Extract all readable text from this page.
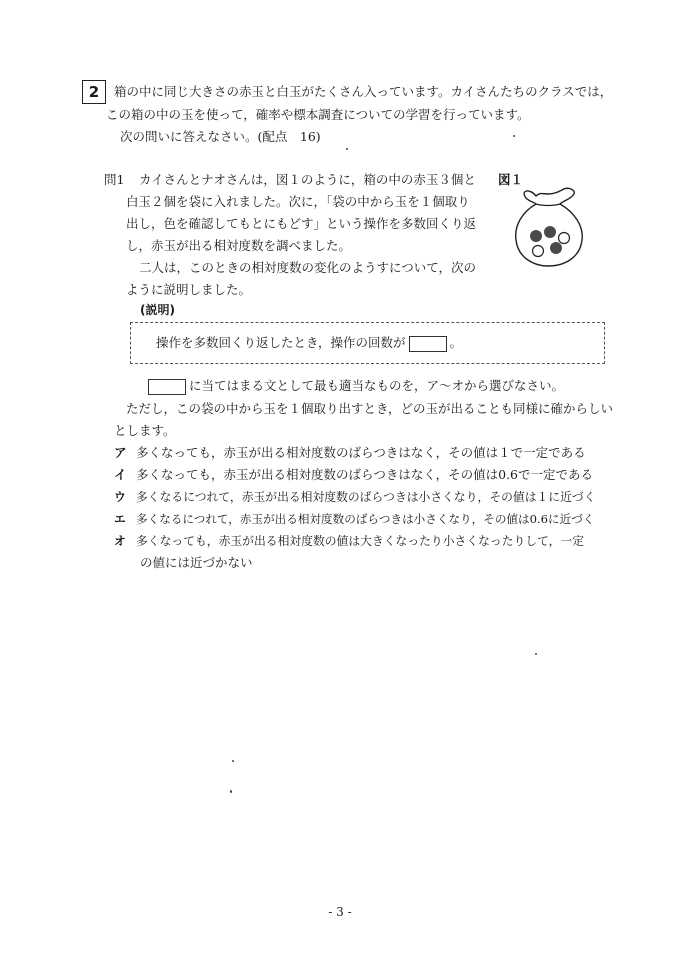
2	箱の中に同じ大きさの赤玉と白玉がたくさん入っています。カイさんたちのクラスでは，
この箱の中の玉を使って，確率や標本調査についての学習を行っています。
次の問いに答えなさい。(配点　16)
問1 カイさんとナオさんは，図１のように，箱の中の赤玉３個と
白玉２個を袋に入れました。次に，「袋の中から玉を１個取り
出し，色を確認してもとにもどす」という操作を多数回くり返
し，赤玉が出る相対度数を調べました。
二人は，このときの相対度数の変化のようすについて，次の
ように説明しました。
図１
(説明)
操作を多数回くり返したとき，操作の回数が	。
に当てはまる文として最も適当なものを，ア～オから選びなさい。
ただし，この袋の中から玉を１個取り出すとき，どの玉が出ることも同様に確からしい
とします。
ア 多くなっても，赤玉が出る相対度数のばらつきはなく，その値は１で一定である
イ 多くなっても，赤玉が出る相対度数のばらつきはなく，その値は0.6で一定である
ウ 多くなるにつれて，赤玉が出る相対度数のばらつきは小さくなり，その値は１に近づく
エ 多くなるにつれて，赤玉が出る相対度数のばらつきは小さくなり，その値は0.6に近づく
オ 多くなっても，赤玉が出る相対度数の値は大きくなったり小さくなったりして，一定
の値には近づかない
- 3 -
